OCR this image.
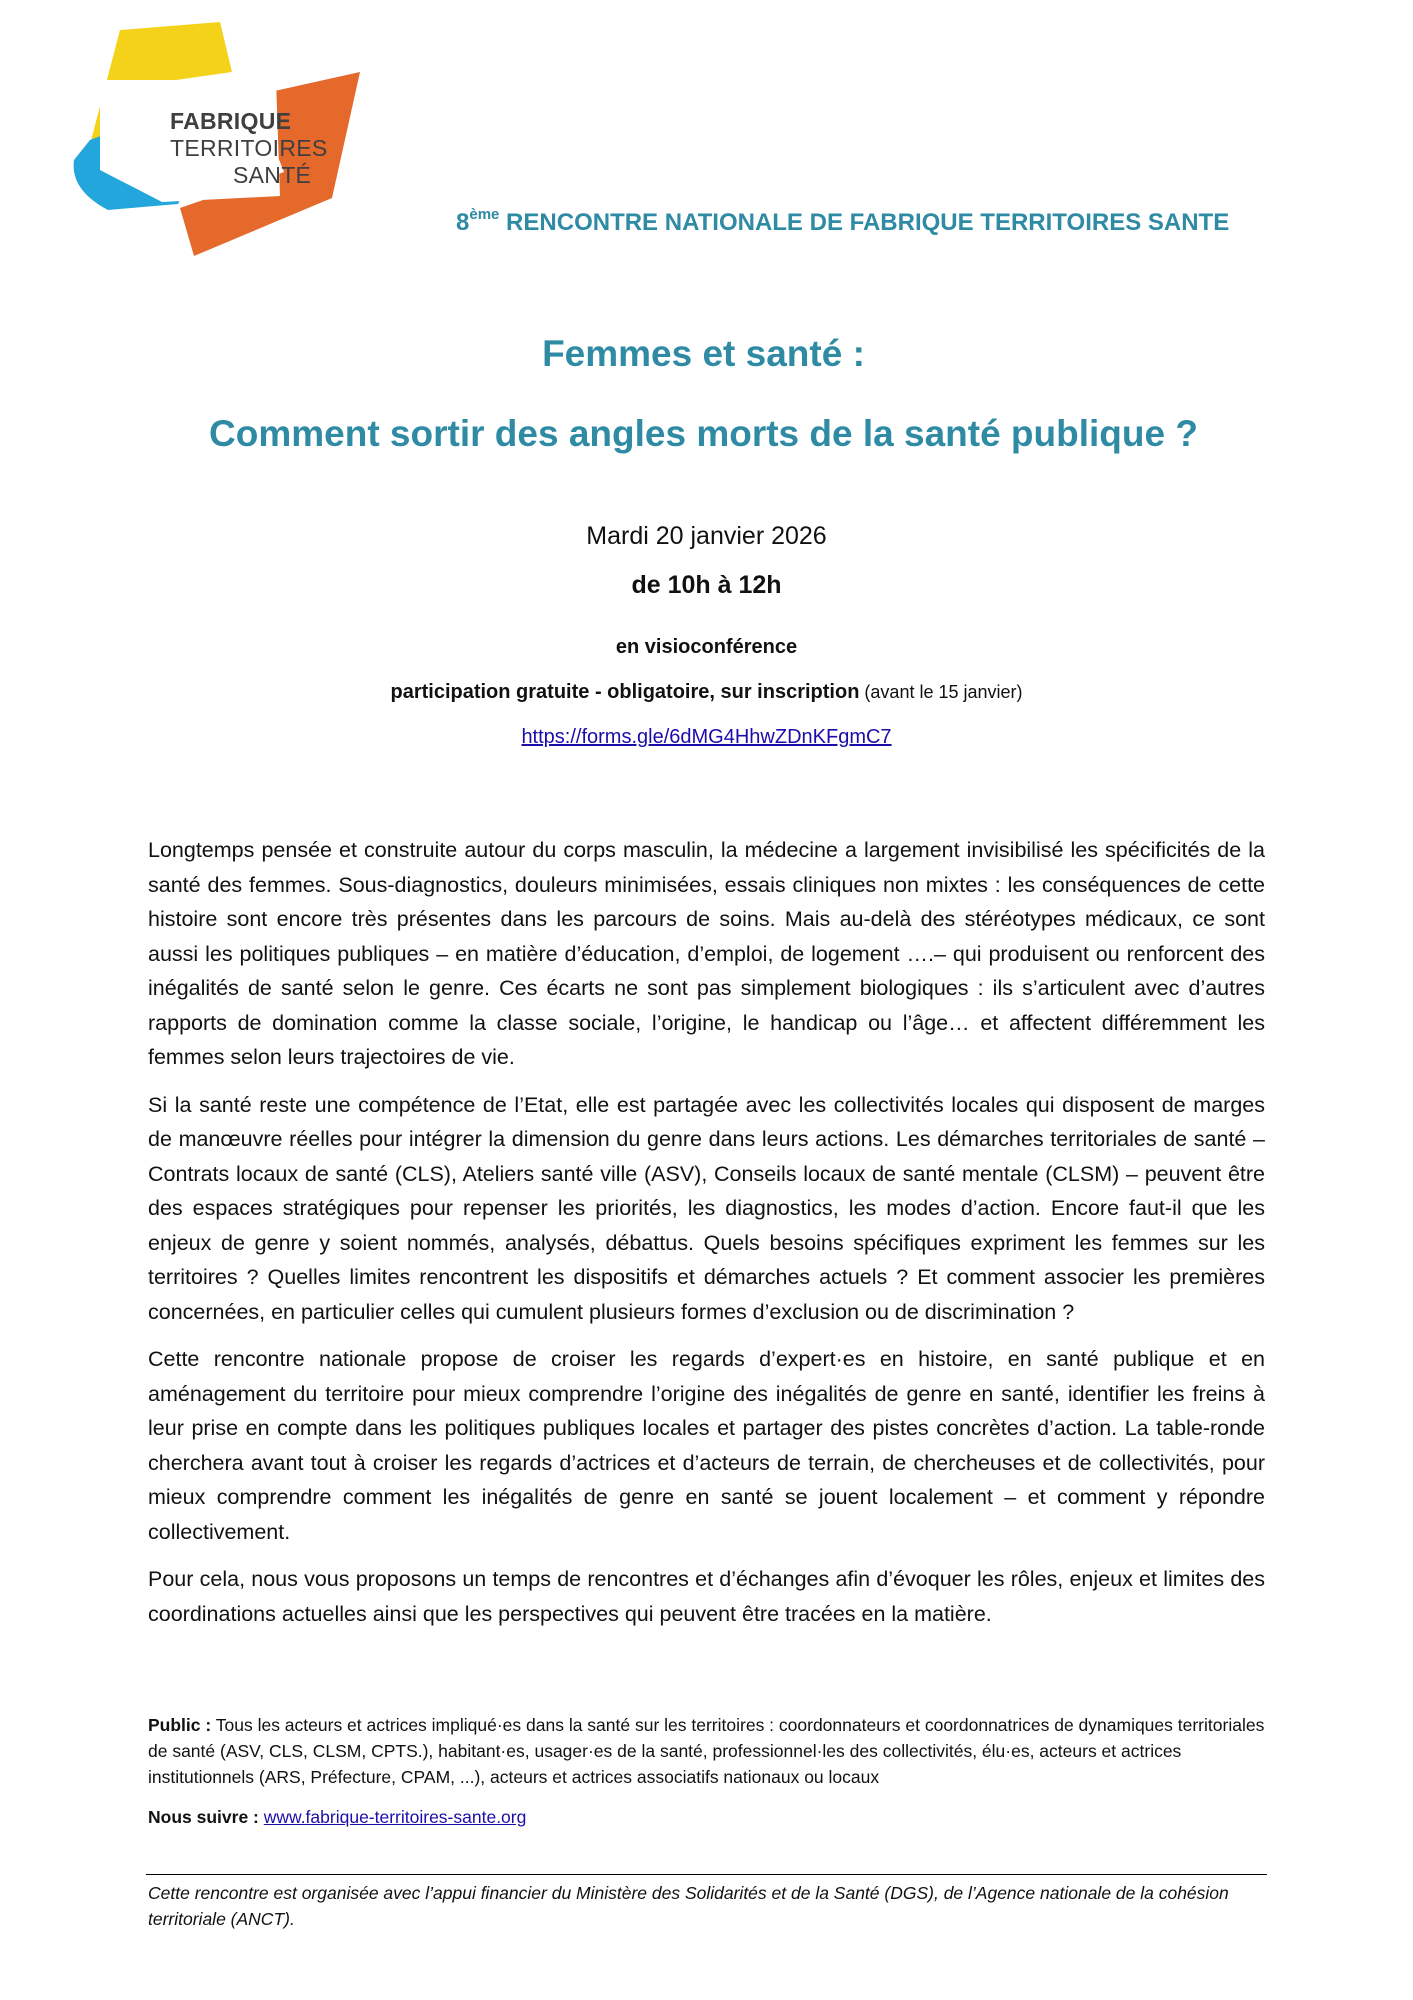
FABRIQUE
TERRITOIRES
SANTÉ
8ème RENCONTRE NATIONALE DE FABRIQUE TERRITOIRES SANTE
Femmes et santé :
Comment sortir des angles morts de la santé publique ?
Mardi 20 janvier 2026
de 10h à 12h
en visioconférence
participation gratuite - obligatoire, sur inscription (avant le 15 janvier)
https://forms.gle/6dMG4HhwZDnKFgmC7

Longtemps pensée et construite autour du corps masculin, la médecine a largement invisibilisé les spécificités de la santé des femmes. Sous-diagnostics, douleurs minimisées, essais cliniques non mixtes : les conséquences de cette histoire sont encore très présentes dans les parcours de soins. Mais au-delà des stéréotypes médicaux, ce sont aussi les politiques publiques – en matière d’éducation, d’emploi, de logement ….– qui produisent ou renforcent des inégalités de santé selon le genre. Ces écarts ne sont pas simplement biologiques : ils s’articulent avec d’autres rapports de domination comme la classe sociale, l’origine, le handicap ou l’âge… et affectent différemment les femmes selon leurs trajectoires de vie.

Si la santé reste une compétence de l’Etat, elle est partagée avec les collectivités locales qui disposent de marges de manœuvre réelles pour intégrer la dimension du genre dans leurs actions. Les démarches territoriales de santé – Contrats locaux de santé (CLS), Ateliers santé ville (ASV), Conseils locaux de santé mentale (CLSM) – peuvent être des espaces stratégiques pour repenser les priorités, les diagnostics, les modes d’action. Encore faut-il que les enjeux de genre y soient nommés, analysés, débattus. Quels besoins spécifiques expriment les femmes sur les territoires ? Quelles limites rencontrent les dispositifs et démarches actuels ? Et comment associer les premières concernées, en particulier celles qui cumulent plusieurs formes d’exclusion ou de discrimination ?

Cette rencontre nationale propose de croiser les regards d’expert·es en histoire, en santé publique et en aménagement du territoire pour mieux comprendre l’origine des inégalités de genre en santé, identifier les freins à leur prise en compte dans les politiques publiques locales et partager des pistes concrètes d’action. La table-ronde cherchera avant tout à croiser les regards d’actrices et d’acteurs de terrain, de chercheuses et de collectivités, pour mieux comprendre comment les inégalités de genre en santé se jouent localement – et comment y répondre collectivement.

Pour cela, nous vous proposons un temps de rencontres et d’échanges afin d’évoquer les rôles, enjeux et limites des coordinations actuelles ainsi que les perspectives qui peuvent être tracées en la matière.

Public : Tous les acteurs et actrices impliqué·es dans la santé sur les territoires : coordonnateurs et coordonnatrices de dynamiques territoriales de santé (ASV, CLS, CLSM, CPTS.), habitant·es, usager·es de la santé, professionnel·les des collectivités, élu·es, acteurs et actrices institutionnels (ARS, Préfecture, CPAM, ...), acteurs et actrices associatifs nationaux ou locaux

Nous suivre : www.fabrique-territoires-sante.org

Cette rencontre est organisée avec l’appui financier du Ministère des Solidarités et de la Santé (DGS), de l’Agence nationale de la cohésion territoriale (ANCT).
